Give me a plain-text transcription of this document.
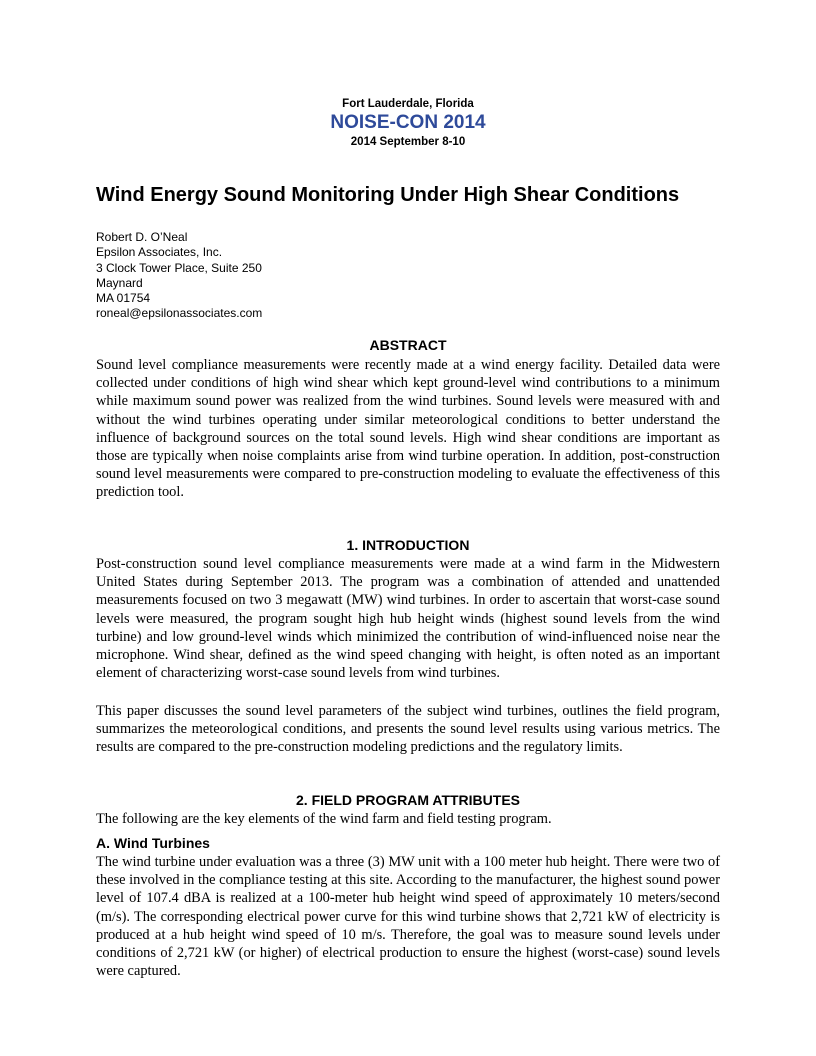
Fort Lauderdale, Florida
NOISE-CON 2014
2014 September 8-10
Wind Energy Sound Monitoring Under High Shear Conditions
Robert D. O’Neal
Epsilon Associates, Inc.
3 Clock Tower Place, Suite 250
Maynard
MA 01754
roneal@epsilonassociates.com
ABSTRACT

Sound level compliance measurements were recently made at a wind energy facility. Detailed data were collected under conditions of high wind shear which kept ground-level wind contributions to a minimum while maximum sound power was realized from the wind turbines. Sound levels were measured with and without the wind turbines operating under similar meteorological conditions to better understand the influence of background sources on the total sound levels. High wind shear conditions are important as those are typically when noise complaints arise from wind turbine operation. In addition, post-construction sound level measurements were compared to pre-construction modeling to evaluate the effectiveness of this prediction tool.

1. INTRODUCTION

Post-construction sound level compliance measurements were made at a wind farm in the Midwestern United States during September 2013. The program was a combination of attended and unattended measurements focused on two 3 megawatt (MW) wind turbines. In order to ascertain that worst-case sound levels were measured, the program sought high hub height winds (highest sound levels from the wind turbine) and low ground-level winds which minimized the contribution of wind-influenced noise near the microphone. Wind shear, defined as the wind speed changing with height, is often noted as an important element of characterizing worst-case sound levels from wind turbines.

This paper discusses the sound level parameters of the subject wind turbines, outlines the field program, summarizes the meteorological conditions, and presents the sound level results using various metrics. The results are compared to the pre-construction modeling predictions and the regulatory limits.

2. FIELD PROGRAM ATTRIBUTES

The following are the key elements of the wind farm and field testing program.

A. Wind Turbines

The wind turbine under evaluation was a three (3) MW unit with a 100 meter hub height. There were two of these involved in the compliance testing at this site. According to the manufacturer, the highest sound power level of 107.4 dBA is realized at a 100-meter hub height wind speed of approximately 10 meters/second (m/s). The corresponding electrical power curve for this wind turbine shows that 2,721 kW of electricity is produced at a hub height wind speed of 10 m/s. Therefore, the goal was to measure sound levels under conditions of 2,721 kW (or higher) of electrical production to ensure the highest (worst-case) sound levels were captured.
